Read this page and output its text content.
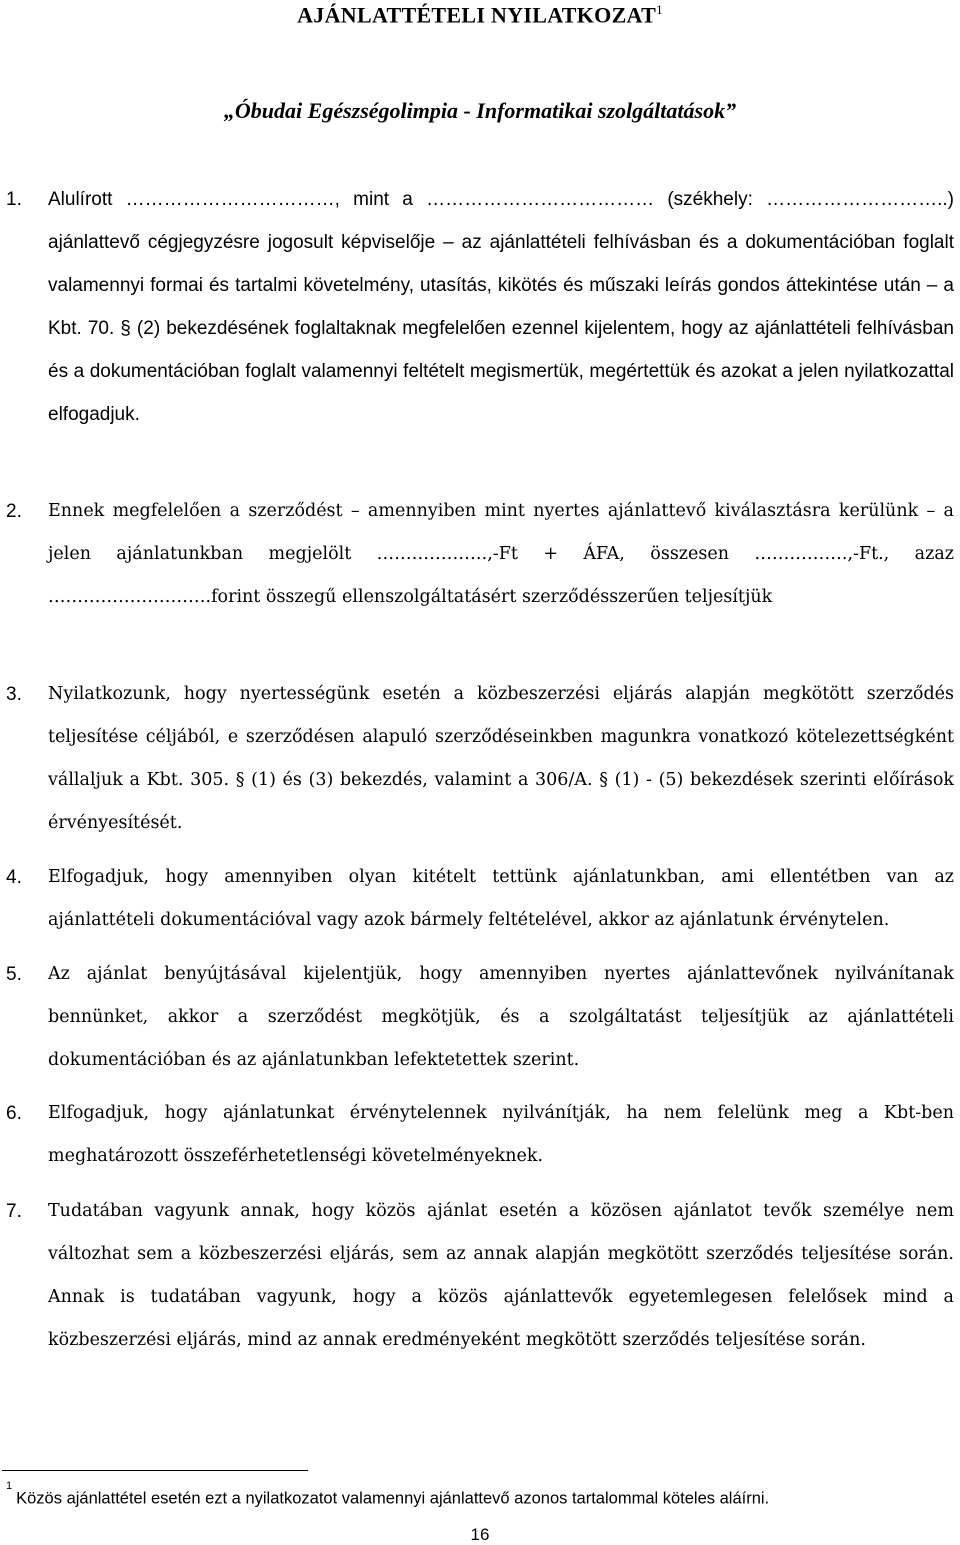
AJÁNLATTÉTELI NYILATKOZAT$^1$
„Óbudai Egészségolimpia - Informatikai szolgáltatások”
1. Alulírott ……………………………, mint a ……………………………… (székhely: ………………………..) ajánlattevő cégjegyzésre jogosult képviselője – az ajánlattételi felhívásban és a dokumentációban foglalt valamennyi formai és tartalmi követelmény, utasítás, kikötés és műszaki leírás gondos áttekintése után – a Kbt. 70. § (2) bekezdésének foglaltaknak megfelelően ezennel kijelentem, hogy az ajánlattételi felhívásban és a dokumentációban foglalt valamennyi feltételt megismertük, megértettük és azokat a jelen nyilatkozattal elfogadjuk.
2. Ennek megfelelően a szerződést – amennyiben mint nyertes ajánlattevő kiválasztásra kerülünk – a jelen ajánlatunkban megjelölt ……………….,-Ft + ÁFA, összesen …………….,-Ft., azaz ……………………….forint összegű ellenszolgáltatásért szerződésszerűen teljesítjük
3. Nyilatkozunk, hogy nyertességünk esetén a közbeszerzési eljárás alapján megkötött szerződés teljesítése céljából, e szerződésen alapuló szerződéseinkben magunkra vonatkozó kötelezettségként vállaljuk a Kbt. 305. § (1) és (3) bekezdés, valamint a 306/A. § (1) - (5) bekezdések szerinti előírások érvényesítését.
4. Elfogadjuk, hogy amennyiben olyan kitételt tettünk ajánlatunkban, ami ellentétben van az ajánlattételi dokumentációval vagy azok bármely feltételével, akkor az ajánlatunk érvénytelen.
5. Az ajánlat benyújtásával kijelentjük, hogy amennyiben nyertes ajánlattevőnek nyilvánítanak bennünket, akkor a szerződést megkötjük, és a szolgáltatást teljesítjük az ajánlattételi dokumentációban és az ajánlatunkban lefektetettek szerint.
6. Elfogadjuk, hogy ajánlatunkat érvénytelennek nyilvánítják, ha nem felelünk meg a Kbt-ben meghatározott összeférhetetlenségi követelményeknek.
7. Tudatában vagyunk annak, hogy közös ajánlat esetén a közösen ajánlatot tevők személye nem változhat sem a közbeszerzési eljárás, sem az annak alapján megkötött szerződés teljesítése során. Annak is tudatában vagyunk, hogy a közös ajánlattevők egyetemlegesen felelősek mind a közbeszerzési eljárás, mind az annak eredményeként megkötött szerződés teljesítése során.
$^1$Közös ajánlattétel esetén ezt a nyilatkozatot valamennyi ajánlattevő azonos tartalommal köteles aláírni.
16
